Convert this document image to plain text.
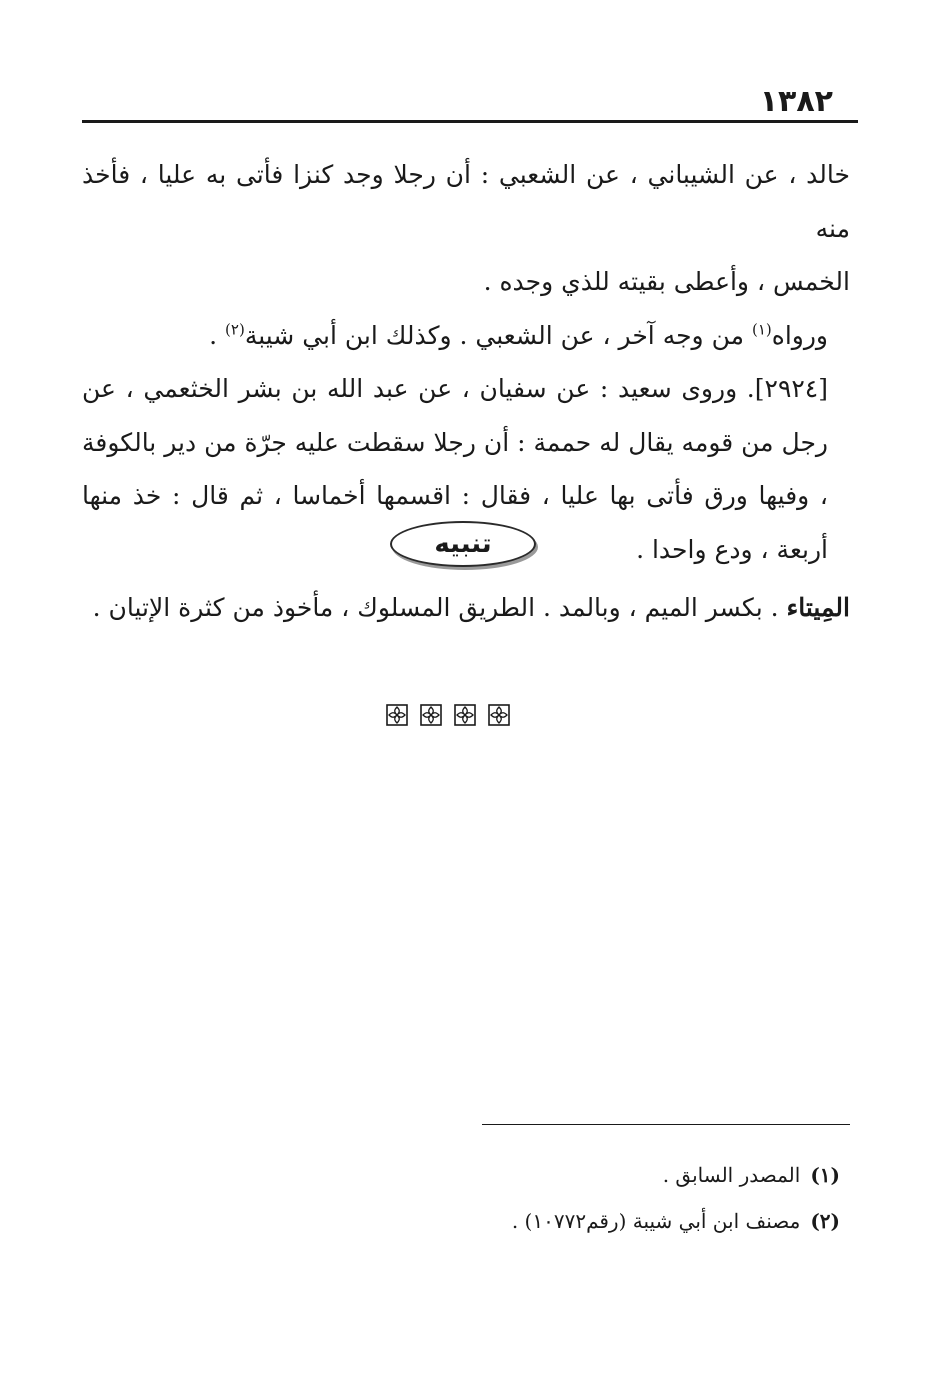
١٣٨٢

خالد ، عن الشيباني ، عن الشعبي : أن رجلا وجد كنزا فأتى به عليا ، فأخذ منه

الخمس ، وأعطى بقيته للذي وجده .

ورواه$^{(١)}$ من وجه آخر ، عن الشعبي . وكذلك ابن أبي شيبة$^{(٢)}$ .

[٢٩٢٤]. وروى سعيد : عن سفيان ، عن عبد الله بن بشر الخثعمي ، عن رجل من قومه يقال له حممة : أن رجلا سقطت عليه جرّة من دير بالكوفة ، وفيها ورق فأتى بها عليا ، فقال : اقسمها أخماسا ، ثم قال : خذ منها أربعة ، ودع واحدا .

تنبيه

المِيتاء . بكسر الميم ، وبالمد . الطريق المسلوك ، مأخوذ من كثرة الإتيان .

(١)المصدر السابق .

(٢)مصنف ابن أبي شيبة (رقم١٠٧٧٢) .
